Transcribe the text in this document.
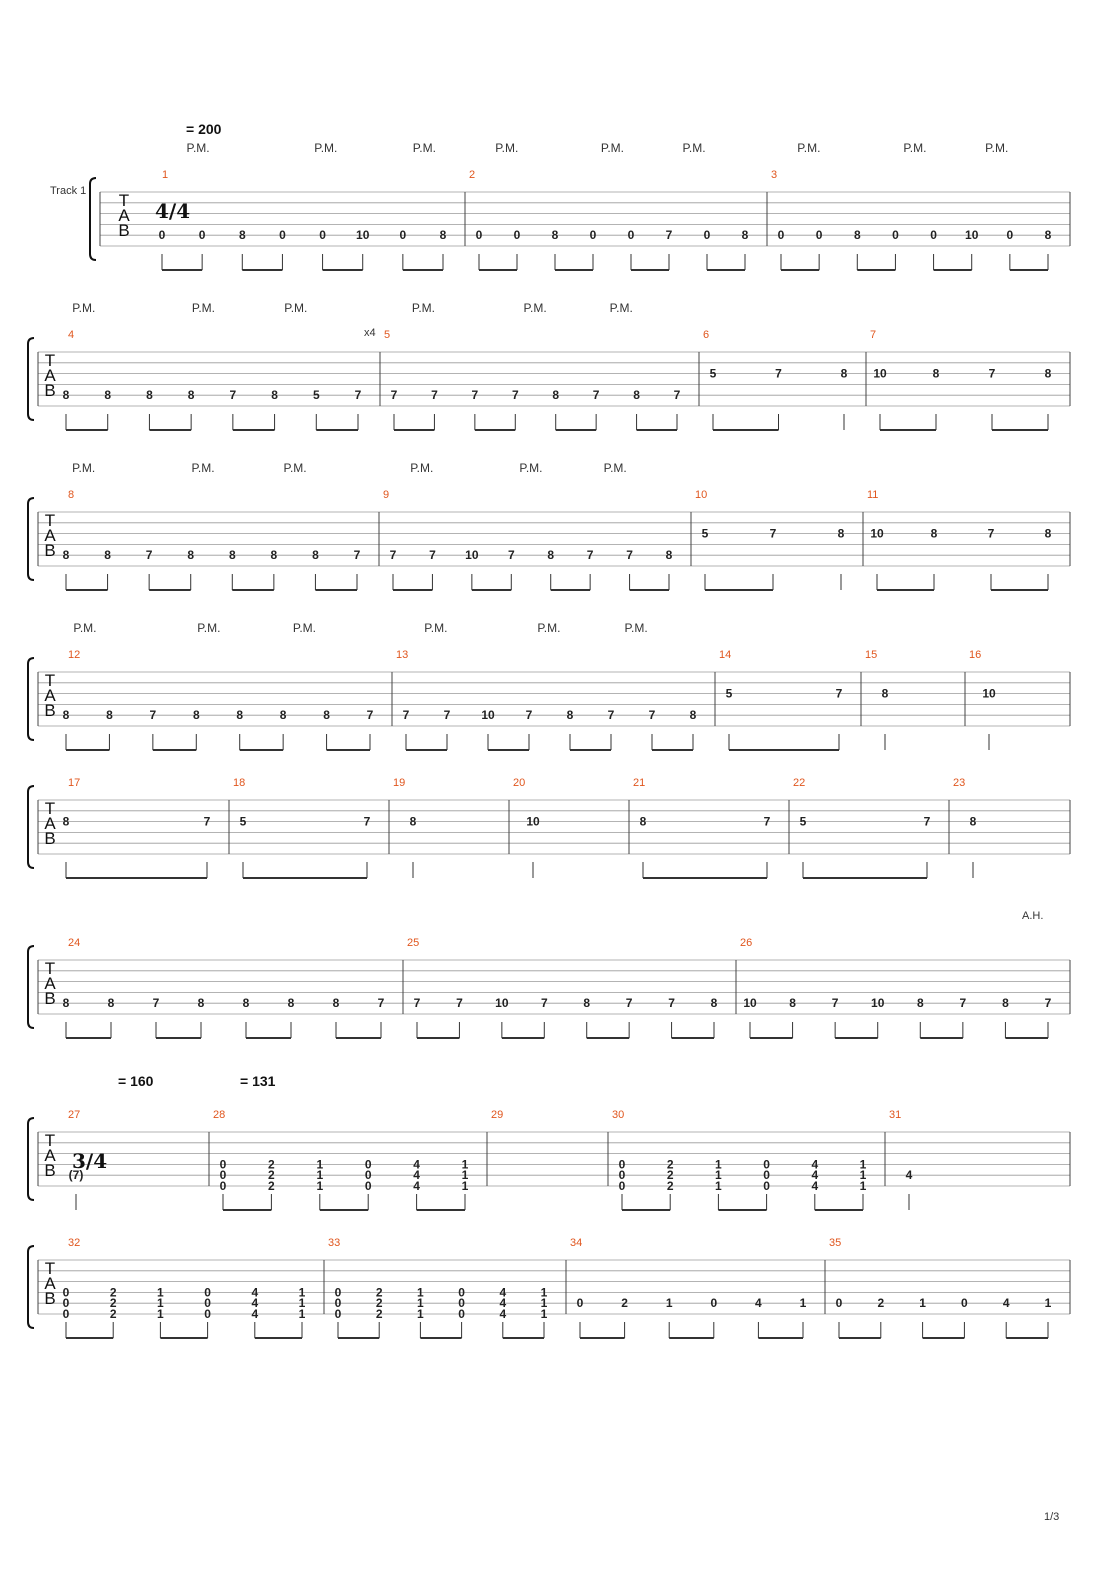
T
A
B
1
0	0	8	0	0	10	0	8
2
0	0	8	0	0	7	0	8
3
0	0	8	0	0 10 0	8
P.M.	P.M.	P.M.	P.M.	P.M.	P.M.	P.M.	P.M.	P.M.
T
A
B
4
8	8	8	8	7	8	5	7
5
7	7	7	7	8	7	8	7
6
5	7	8
7
10	8	7	8
P.M.	P.M.	P.M.	P.M.	P.M.	P.M.
T
A
B
8
8	8	7	8	8	8	8	7
9
7	7 10 7	8	7	7	8
10
5	7	8
11
10	8	7	8
P.M.	P.M.	P.M.	P.M.	P.M.	P.M.
T
A
B
12
8	8	7	8	8	8	8	7
13
7	7	10	7	8	7	7	8
14
5	7
15
8
16
10
P.M.	P.M.	P.M.	P.M.	P.M.	P.M.
T
A
B
17
8	7
18
5	7
19
8
20
10
21
8	7
22
5	7
23
8
T
A
B
24
8	8	7	8	8	8	8	7
25
7	7	10	7	8	7	7	8
26
10	8	7	10	8	7	8	7
T
A
B
27
(7)
28
0
0
0
2
2
2
1
1
1
0
0
0
4
4
4
1
1
1
29	30
0
0
0
2
2
2
1
1
1
0
0
0
4
4
4
1
1
1
31
4
T
A
B
32
0
0
0
2
2
2
1
1
1
0
0
0
4
4
4
1
1
1
33
0
0
0
2
2
2
1
1
1
0
0
0
4
4
4
1
1
1
34
0	2	1	0	4	1
35
0	2	1	0	4	1
Track 1
= 200
= 160	= 131
x4
A.H.
1/3
4/4
3/4
